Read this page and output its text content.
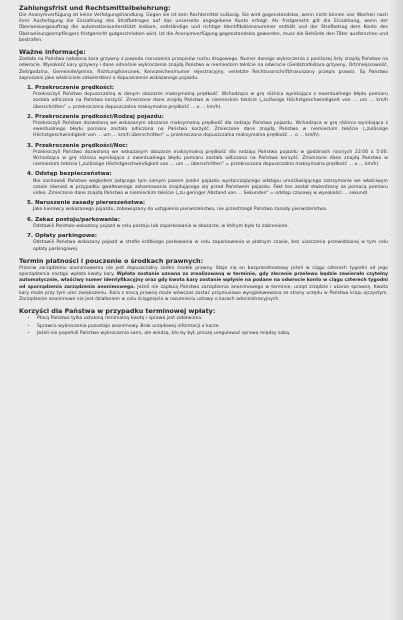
Zahlungsfrist und Rechtsmittelbelehrung:

Die Anonymverfügung ist keine Verfolgungshandlung. Gegen sie ist kein Rechtsmittel zulässig. Sie wird gegenstandslos, wenn nicht binnen vier Wochen nach ihrer Ausfertigung die Einzahlung des Strafbetrages auf das unserseits angegebene Konto erfolgt. Als fristgerecht gilt die Einzahlung, wenn der Überweisungsauftrag die automationsunterstützt lesbare, vollständige und richtige Identifikationsnummer enthält und der Strafbetrag dem Konto des Überweisungsempfängers fristgerecht gutgeschrieben wird. Ist die Anonymverfügung gegenstandslos geworden, muss die Behörde den Täter ausforschen und bestrafen.

Ważne informacje:

Została na Państwa nałożona kara grzywny z powodu naruszenia przepisów ruchu drogowego. Numer danego wykroczenia z poniższej listy znajdą Państwo na odwrocie. Wysokość kary grzywny i dane odnośnie wykroczenia znajdą Państwo w niemieckim tekście na odwrocie (Geldstrafe/kara grzywny, Ort/miejscowość, Zeit/godzina, Gemeinde/gmina, Richtung/kierunek, Kennzeichen/numer rejestracyjny, verletzte Rechtsvorschrift/naruszony przepis prawa). Są Państwo zaproszeni jako właściciele zatwierdzeni o dopuszczenie wskazanego pojazdu.

1. Przekroczenie prędkości:

Przekroczyli Państwo dopuszczalną w danym obszarze maksymalną prędkość. Wchodząca w grę różnica wynikająca z ewentualnego błędu pomiaru została odliczona na Państwa korzyść. Zmierzone dane znajdą Państwo w niemieckim tekście („zulässige Höchstgeschwindigkeit von … um … km/h überschritten" = przekroczona dopuszczalna maksymalna prędkość … o … km/h).

2. Przekroczenie prędkości/Rodzaj pojazdu:

Przekroczyli Państwo dozwoloną we wskazanym obszarze maksymalną prędkość dla rodzaju Państwa pojazdu. Wchodząca w grę różnica wynikająca z ewentualnego błędu pomiaru została odliczona na Państwa korzyść. Zmierzone dane znajdą Państwo w niemieckim tekście („zulässige Höchstgeschwindigkeit von … um … km/h überschritten" = przekroczona dopuszczalna maksymalna prędkość … o … km/h).

3. Przekroczenie prędkości/Noc:

Przekroczyli Państwo dozwoloną we wskazanym obszarze maksymalną prędkość dla rodzaju Państwa pojazdu w godzinach nocnych 22:00 a 5:00. Wchodząca w grę różnica wynikająca z ewentualnego błędu pomiaru została odliczona na Państwa korzyść. Zmierzone dane znajdą Państwo w niemieckim tekście („zulässige Höchstgeschwindigkeit von … um … überschritten" = przekroczona dopuszczalna maksymalna prędkość … o … km/h).

4. Odstęp bezpieczeństwa:

Nie zachowali Państwo względem jadącego tym samym pasem jezdni pojazdu wystarczającego odstępu umożliwiającego zatrzymanie we właściwym czasie również w przypadku gwałtownego zahamowania znajdującego się przed Państwem pojazdu. Fakt ten został stwierdzony za pomocą pomiaru video. Zmierzone dane znajdą Państwo w niemieckim tekście („zu geringer Abstand von … Sekunden" = odstęp czasowy w wysokości … sekund).

5. Naruszenie zasady pierwszeństwa:

Jako kierowcy wskazanego pojazdu, zobowiązany do ustąpienia pierwszeństwa, nie przestrzegli Państwo zasady pierwszeństwa.

6. Zakaz postoju/parkowania:

Odstawili Państwo wskazany pojazd w celu postoju lub zaparkowania w obszarze, w którym było to zabronione.

7. Opłaty parkingowe:

Odstawili Państwo wskazany pojazd w strefie krótkiego parkowania w celu zaparkowania w płatnym czasie, bez uiszczenia przewidzianej w tym celu opłaty parkingowej.

Termin płatności i pouczenie o środkach prawnych:

Przeciw zarządzeniu anonimowemu nie jest dopuszczalny żaden środek prawny. Staje się on bezprzedmiotowy jeżeli w ciągu czterech tygodni od jego sporządzenia nastąpi wpłata kwoty kary. Wpłata zostanie uznana za zrealizowaną w terminie, gdy zlecenie przelewu będzie zawierało czytelny automatycznie, właściwy numer identyfikacyjny oraz gdy kwota kary zostanie wpłynie na podane na odwrocie konto w ciągu czterech tygodni od sporządzenia zarządzenia anonimowego. Jeżeli nie zapłacą Państwo zarządzenia anonimowego w terminie, urząd zrządzie i ukarze sprawcę. Kwota kary może przy tym ulec zwiększeniu. Kara z mocą prawną może wówczas zostać przymusowo wyegzekwowana ze strony urzędu w Państwa kraju ojczystym. Zarządzenie anonimowe nie jest działaniem w celu ściągnięcia w rozumieniu ustawy o karach administracyjnych.

Korzyści dla Państwa w przypadku terminowej wpłaty:
• Płacą Państwo tylko ustaloną minimalną kwotę i sprawa jest załatwiona.
• Sprawca wykroczenia pozostaje anonimowy. Brak urzędowej informacji o karze.
• Jeżeli nie popełnili Państwo wykroczenia sami, ale wiedzą, kto by był, proszę uregulować sprawę między sobą.
